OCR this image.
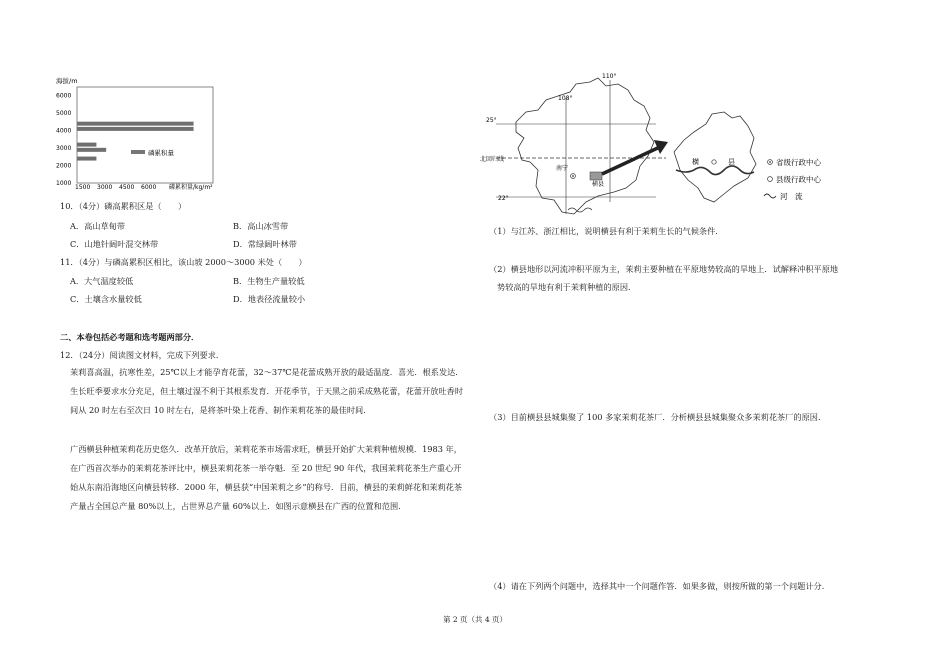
海拔/m
6000
5000
4000
3000
2000
1000
磷累积量
1500 3000 4500 6000 磷累积量/kg/m²
10．（4分）磷高累积区是（　　）
A．高山草甸带	B．高山冰雪带
C．山地针阔叶混交林带	D．常绿阔叶林带
11．（4分）与磷高累积区相比，该山坡 2000～3000 米处（　　）
A．大气温度较低	B．生物生产量较低
C．土壤含水量较低	D．地表径流量较小
二、本卷包括必考题和选考题两部分．
12．（24分）阅读图文材料，完成下列要求．
茉莉喜高温，抗寒性差，25℃以上才能孕育花蕾，32～37℃是花蕾成熟开放的最适温度．喜光．根系发达．生长旺季要求水分充足，但土壤过湿不利于其根系发育．开花季节，于天黑之前采成熟花蕾，花蕾开放吐香时间从 20 时左右至次日 10 时左右，是将茶叶染上花香、制作茉莉花茶的最佳时间．
广西横县种植茉莉花历史悠久．改革开放后，茉莉花茶市场需求旺，横县开始扩大茉莉种植规模．1983 年，在广西首次举办的茉莉花茶评比中，横县茉莉花茶一举夺魁．至 20 世纪 90 年代，我国茉莉花茶生产重心开始从东南沿海地区向横县转移．2000 年，横县获“中国茉莉之乡”的称号．目前，横县的茉莉鲜花和茉莉花茶产量占全国总产量 80%以上，占世界总产量 60%以上．如图示意横县在广西的位置和范围．
110°
108°
25°
22°
北回归线
南宁
横县
横	县	省级行政中心
县级行政中心
河　流
（1）与江苏、浙江相比，说明横县有利于茉莉生长的气候条件．
（2）横县地形以河流冲积平原为主，茉莉主要种植在平原地势较高的旱地上．试解释冲积平原地
势较高的旱地有利于茉莉种植的原因．
（3）目前横县县城集聚了 100 多家茉莉花茶厂．分析横县县城集聚众多茉莉花茶厂的原因．
（4）请在下列两个问题中，选择其中一个问题作答．如果多做，则按所做的第一个问题计分．
第 2 页（共 4 页）
